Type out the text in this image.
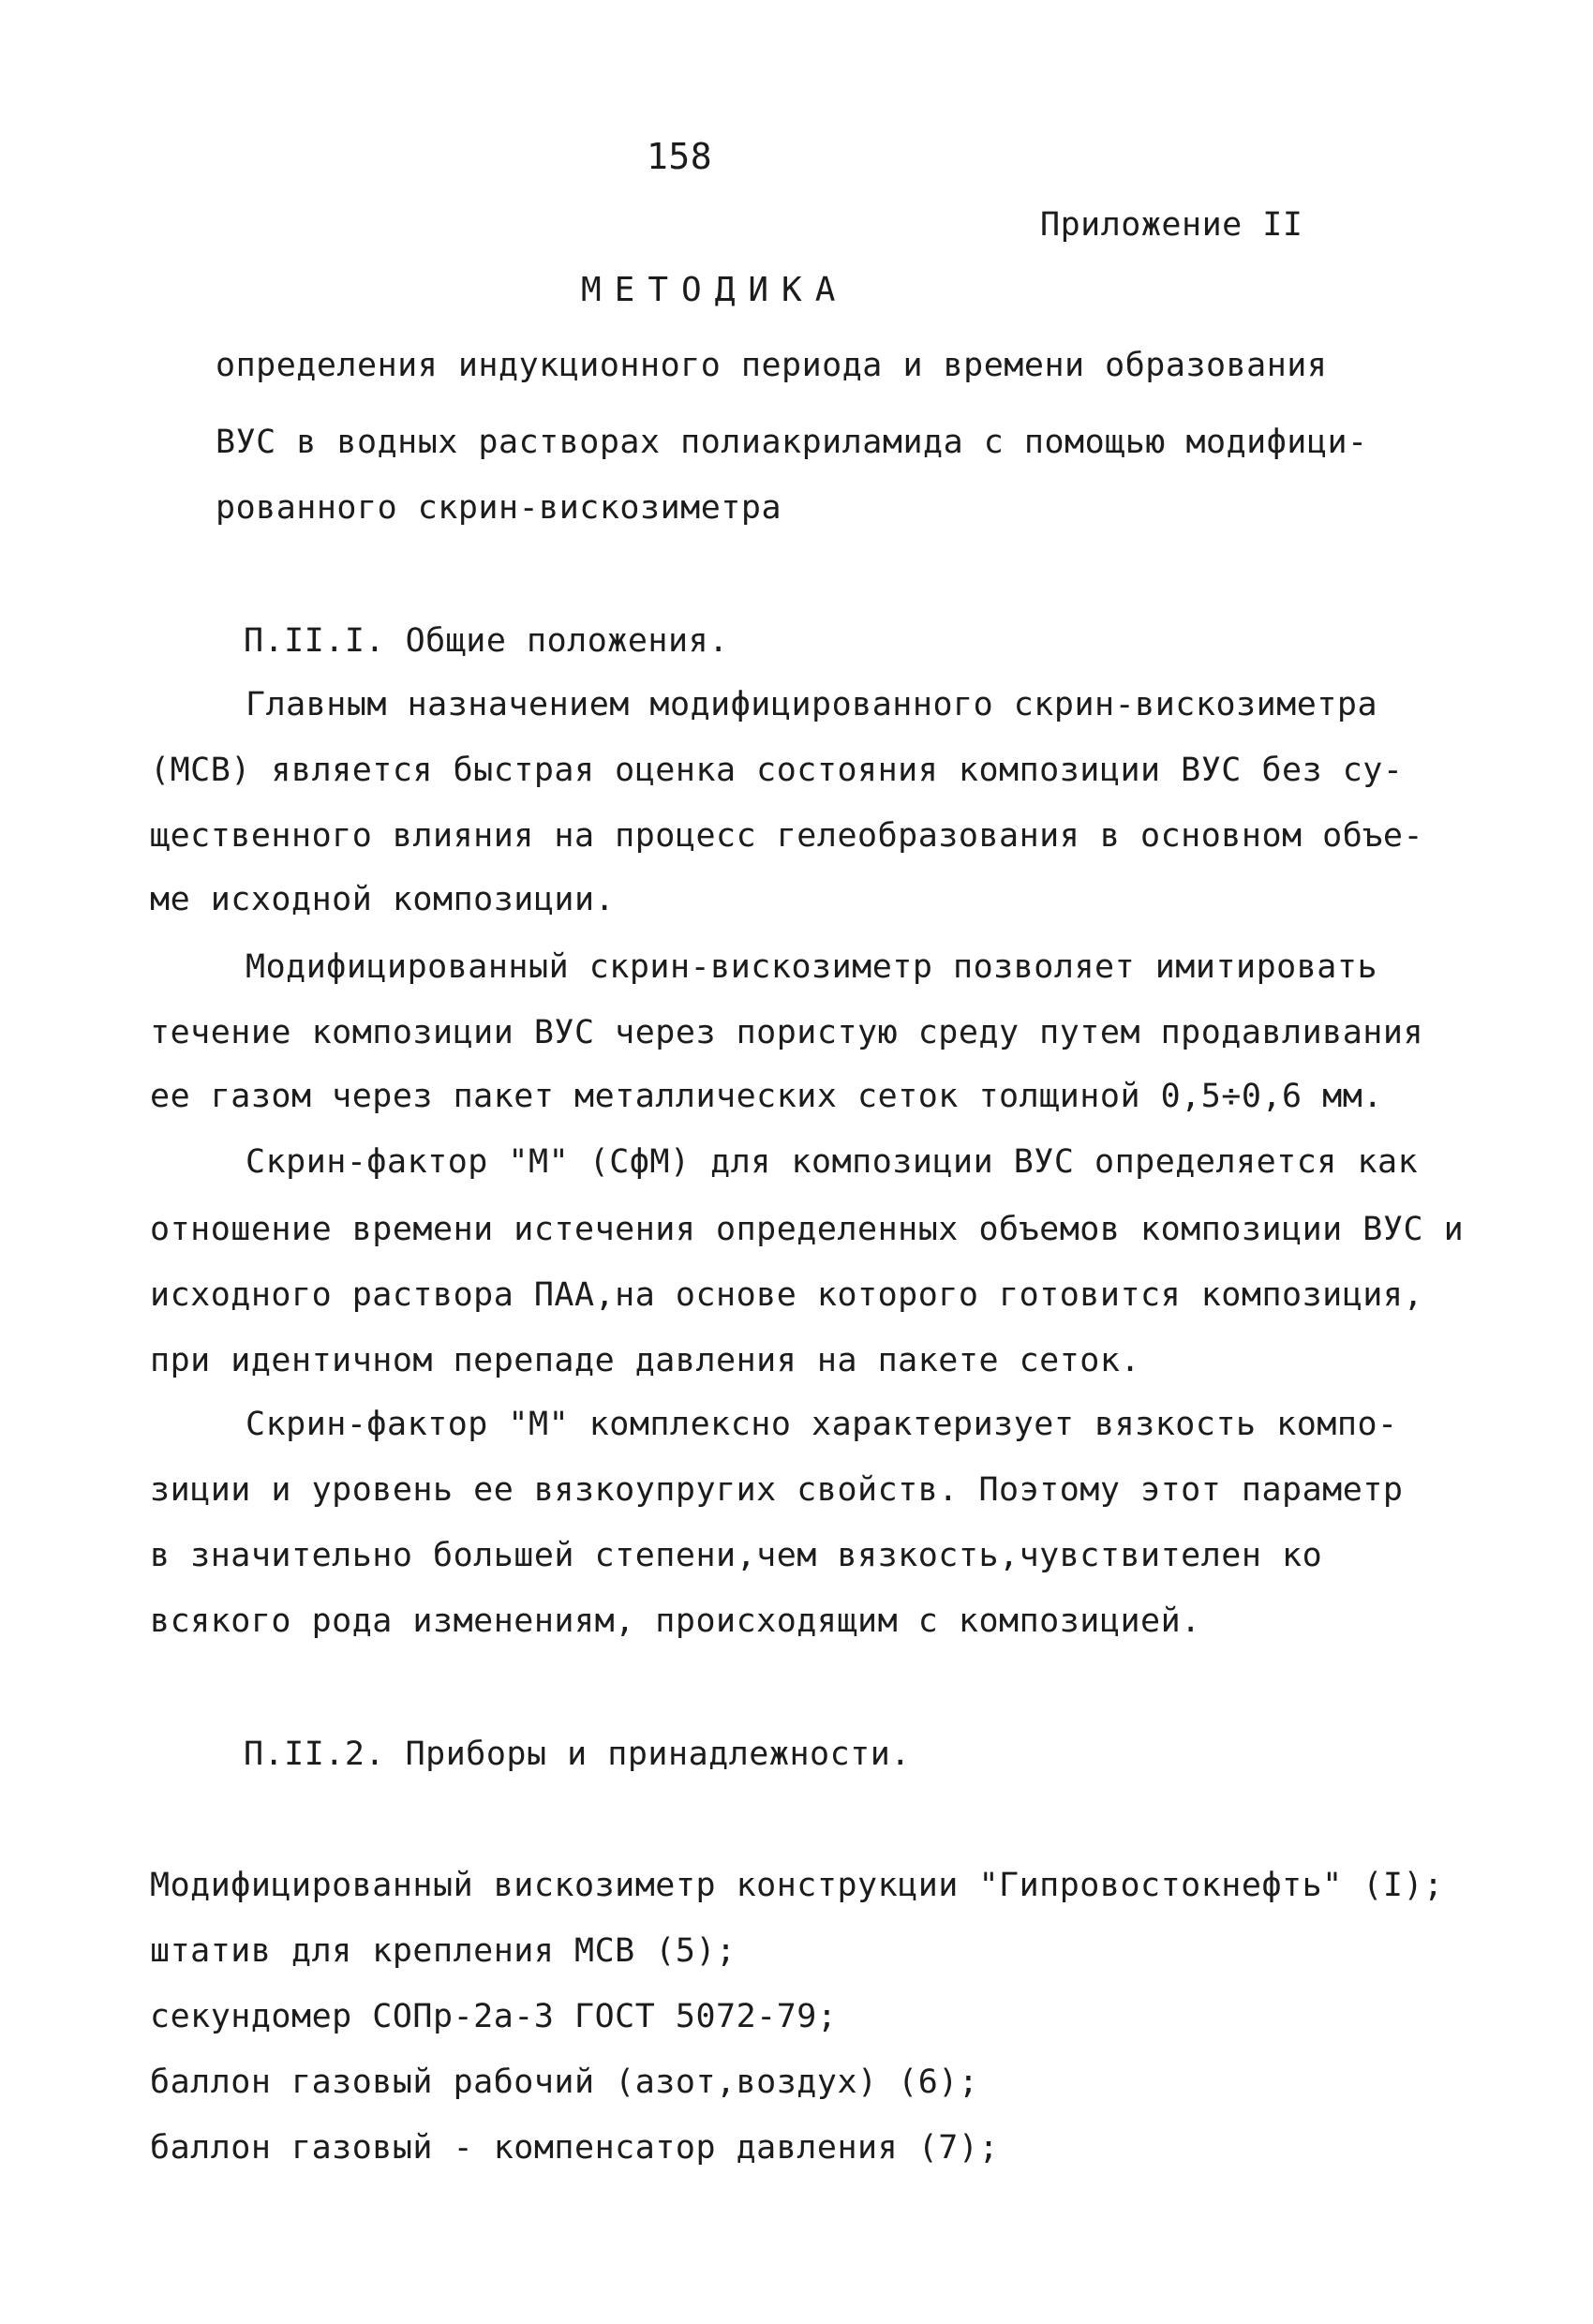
158
Приложение II
МЕТОДИКА
определения индукционного периода и времени образования
ВУС в водных растворах полиакриламида с помощью модифици-
рованного скрин-вискозиметра
П.II.I. Общие положения.
Главным назначением модифицированного скрин-вискозиметра
(МСВ) является быстрая оценка состояния композиции ВУС без су-
щественного влияния на процесс гелеобразования в основном объе-
ме исходной композиции.
Модифицированный скрин-вискозиметр позволяет имитировать
течение композиции ВУС через пористую среду путем продавливания
ее газом через пакет металлических сеток толщиной 0,5÷0,6 мм.
Скрин-фактор "М" (СфМ) для композиции ВУС определяется как
отношение времени истечения определенных объемов композиции ВУС и
исходного раствора ПАА,на основе которого готовится композиция,
при идентичном перепаде давления на пакете сеток.
Скрин-фактор "М" комплексно характеризует вязкость компо-
зиции и уровень ее вязкоупругих свойств. Поэтому этот параметр
в значительно большей степени,чем вязкость,чувствителен ко
всякого рода изменениям, происходящим с композицией.
П.II.2. Приборы и принадлежности.
Модифицированный вискозиметр конструкции "Гипровостокнефть" (I);
штатив для крепления МСВ (5);
секундомер СОПр-2а-3 ГОСТ 5072-79;
баллон газовый рабочий (азот,воздух) (6);
баллон газовый - компенсатор давления (7);
